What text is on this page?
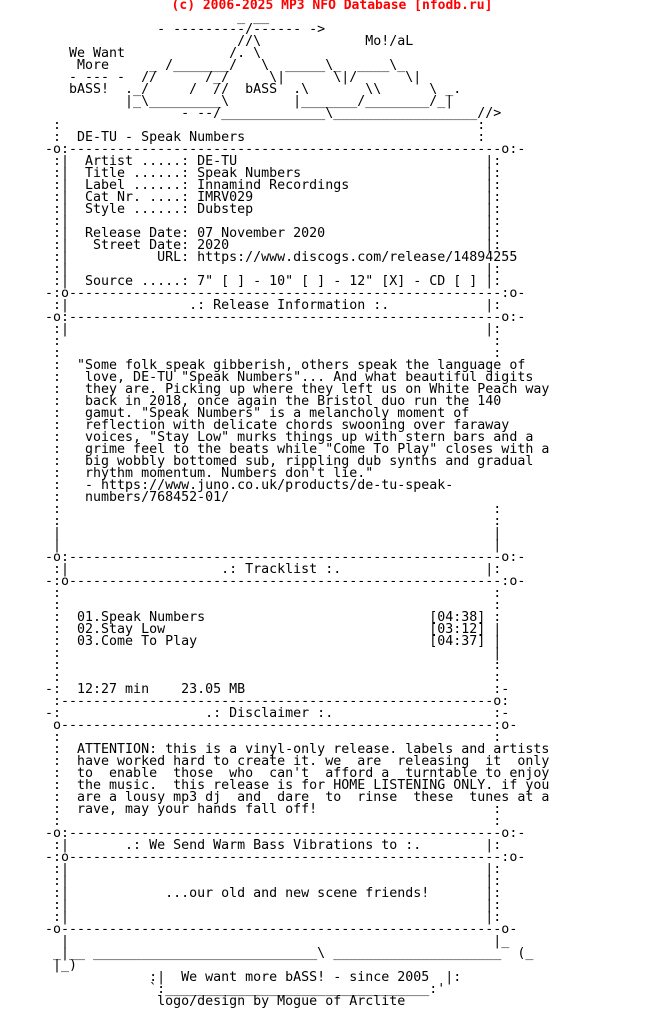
(c) 2006-2025 MP3 NFO Database [nfodb.ru]
_ __
- ---------/------ ->
//\             Mo!/aL
We Want             /. \
More     _ /_______/   \  _____\_  ____\_
- --- -  //      /_/     \|      \|/      \|
bASS!  ._/     /  //  bASS  .\       \\      \ _.
|_\_________\        |_______/________/_|
- --/_____________\__________________//>
:                                                    :
:  DE-TU - Speak Numbers                             :
-o:------------------------------------------------------o:-
:|  Artist .....: DE-TU                               |:
:|  Title ......: Speak Numbers                       |:
:|  Label ......: Innamind Recordings                 |:
:|  Cat Nr. ....: IMRV029                             |:
:|  Style ......: Dubstep                             |:
:|                                                    |:
:|  Release Date: 07 November 2020                    |:
:|   Street Date: 2020                                |:
:|           URL: https://www.discogs.com/release/14894255
:|                                                    |:
:|  Source .....: 7" [ ] - 10" [ ] - 12" [X] - CD [ ] |:
-:o------------------------------------------------------:o-
:|               .: Release Information :.            |:
-o:------------------------------------------------------o:-
:|                                                    |:
:                                                      :
:                                                      :
:  "Some folk speak gibberish, others speak the language of
:   love, DE-TU "Speak Numbers"... And what beautiful digits
:   they are. Picking up where they left us on White Peach way
:   back in 2018, once again the Bristol duo run the 140
:   gamut. "Speak Numbers" is a melancholy moment of
:   reflection with delicate chords swooning over faraway
:   voices, "Stay Low" murks things up with stern bars and a
:   grime feel to the beats while "Come To Play" closes with a
:   big wobbly bottomed sub, rippling dub synths and gradual
:   rhythm momentum. Numbers don't lie."
:   - https://www.juno.co.uk/products/de-tu-speak-
:   numbers/768452-01/
:                                                      :
:                                                      :
|                                                      |
|                                                      |
-o:------------------------------------------------------o:-
:|                   .: Tracklist :.                  |:
-:o------------------------------------------------------:o-
:                                                      :
:                                                      :
:  01.Speak Numbers                            [04:38] :
:  02.Stay Low                                 [03:12] |
:  03.Come To Play                             [04:37] |
:                                                      |
:                                                      :
:                                                      :
-:  12:27 min    23.05 MB                               :-
:------------------------------------------------------o:
-:                  .: Disclaimer :.                    :-
o------------------------------------------------------:o-
:                                                      :
:  ATTENTION: this is a vinyl-only release. labels and artists
:  have worked hard to create it. we  are  releasing  it  only
:  to  enable  those  who  can't  afford a  turntable to enjoy
:  the music.  this release is for HOME LISTENING ONLY. if you
:  are a lousy mp3 dj  and  dare  to  rinse  these  tunes at a
:  rave, may your hands fall off!                      :
:                                                      :
-o:------------------------------------------------------o:-
:|       .: We Send Warm Bass Vibrations to :.        |:
-:o------------------------------------------------------:o-
:|                                                    |:
:|                                                    |:
:|            ...our old and new scene friends!       |:
:|                                                    |:
:|                                                    |:
-o-------------------------------------------------------o-
|                                                     |_
_|__ ____________________________\ _____________________  (_
|_)
:|  We want more bASS! - since 2005  |:
`:_________________________________:'
logo/design by Mogue of Arclite
